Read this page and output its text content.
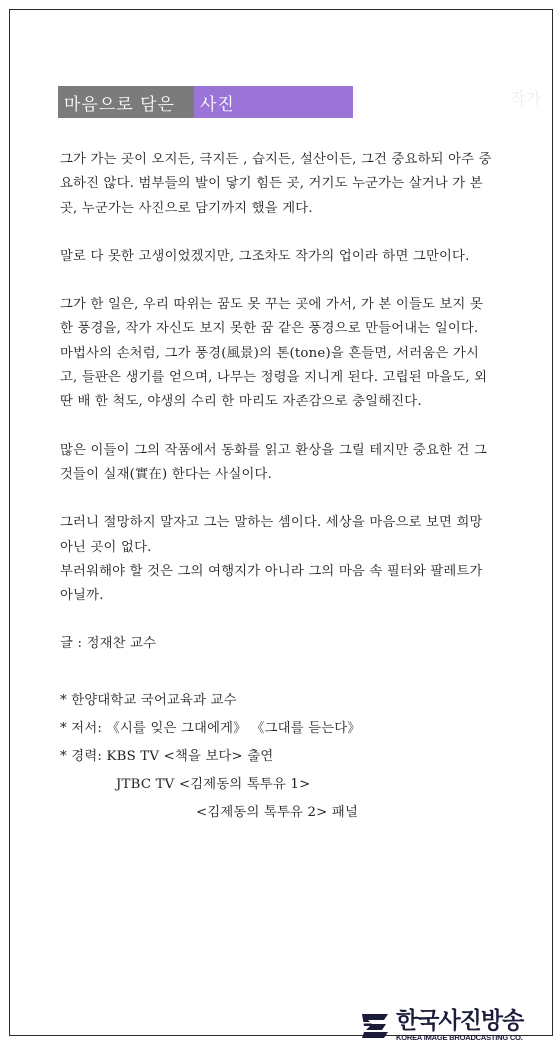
마음으로 담은	사진	작가

그가 가는 곳이 오지든, 극지든 , 습지든, 설산이든, 그건 중요하되 아주 중요하진 않다. 범부들의 발이 닿기 힘든 곳, 거기도 누군가는 살거나 가 본 곳, 누군가는 사진으로 담기까지 했을 게다.

말로 다 못한 고생이었겠지만, 그조차도 작가의 업이라 하면 그만이다.

그가 한 일은, 우리 따위는 꿈도 못 꾸는 곳에 가서, 가 본 이들도 보지 못한 풍경을, 작가 자신도 보지 못한 꿈 같은 풍경으로 만들어내는 일이다. 마법사의 손처럼, 그가 풍경(風景)의 톤(tone)을 흔들면, 서러움은 가시고, 들판은 생기를 얻으며, 나무는 정령을 지니게 된다. 고립된 마을도, 외딴 배 한 척도, 야생의 수리 한 마리도 자존감으로 충일해진다.

많은 이들이 그의 작품에서 동화를 읽고 환상을 그릴 테지만 중요한 건 그것들이 실재(實在) 한다는 사실이다.

그러니 절망하지 말자고 그는 말하는 셈이다. 세상을 마음으로 보면 희망 아닌 곳이 없다.

부러워해야 할 것은 그의 여행지가 아니라 그의 마음 속 필터와 팔레트가 아닐까.

글 : 정재찬 교수
* 한양대학교 국어교육과 교수
* 저서: 《시를 잊은 그대에게》 《그대를 듣는다》
* 경력: KBS TV <책을 보다> 출연
JTBC TV <김제동의 톡투유 1>
<김제동의 톡투유 2> 패널
한국사진방송
KOREA IMAGE BROADCASTING CO.
